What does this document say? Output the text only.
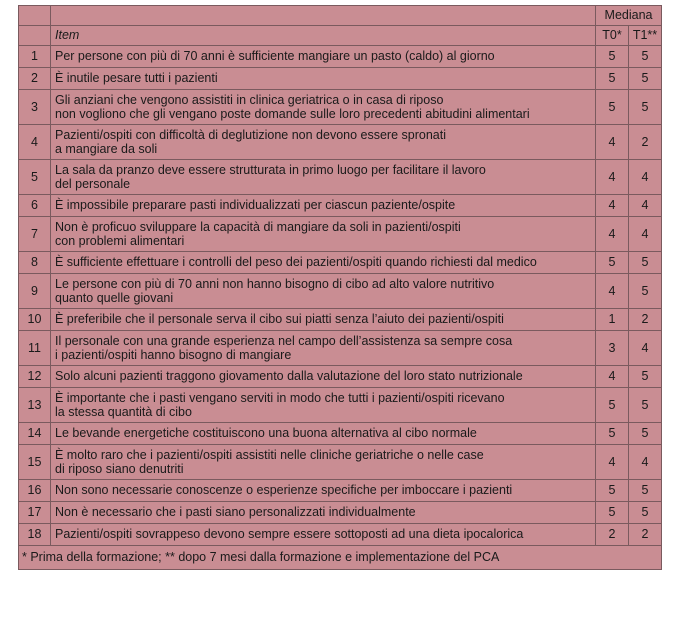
		Mediana	
	Item	T0*	T1**
1	Per persone con più di 70 anni è sufficiente mangiare un pasto (caldo) al giorno	5	5
2	È inutile pesare tutti i pazienti	5	5
3	Gli anziani che vengono assistiti in clinica geriatrica o in casa di riposo
non vogliono che gli vengano poste domande sulle loro precedenti abitudini alimentari	5	5
4	Pazienti/ospiti con difficoltà di deglutizione non devono essere spronati
a mangiare da soli	4	2
5	La sala da pranzo deve essere strutturata in primo luogo per facilitare il lavoro
del personale	4	4
6	È impossibile preparare pasti individualizzati per ciascun paziente/ospite	4	4
7	Non è proficuo sviluppare la capacità di mangiare da soli in pazienti/ospiti
con problemi alimentari	4	4
8	È sufficiente effettuare i controlli del peso dei pazienti/ospiti quando richiesti dal medico	5	5
9	Le persone con più di 70 anni non hanno bisogno di cibo ad alto valore nutritivo
quanto quelle giovani	4	5
10	È preferibile che il personale serva il cibo sui piatti senza l’aiuto dei pazienti/ospiti	1	2
11	Il personale con una grande esperienza nel campo dell’assistenza sa sempre cosa
i pazienti/ospiti hanno bisogno di mangiare	3	4
12	Solo alcuni pazienti traggono giovamento dalla valutazione del loro stato nutrizionale	4	5
13	È importante che i pasti vengano serviti in modo che tutti i pazienti/ospiti ricevano
la stessa quantità di cibo	5	5
14	Le bevande energetiche costituiscono una buona alternativa al cibo normale	5	5
15	È molto raro che i pazienti/ospiti assistiti nelle cliniche geriatriche o nelle case
di riposo siano denutriti	4	4
16	Non sono necessarie conoscenze o esperienze specifiche per imboccare i pazienti	5	5
17	Non è necessario che i pasti siano personalizzati individualmente	5	5
18	Pazienti/ospiti sovrappeso devono sempre essere sottoposti ad una dieta ipocalorica	2	2
* Prima della formazione; ** dopo 7 mesi dalla formazione e implementazione del PCA			
